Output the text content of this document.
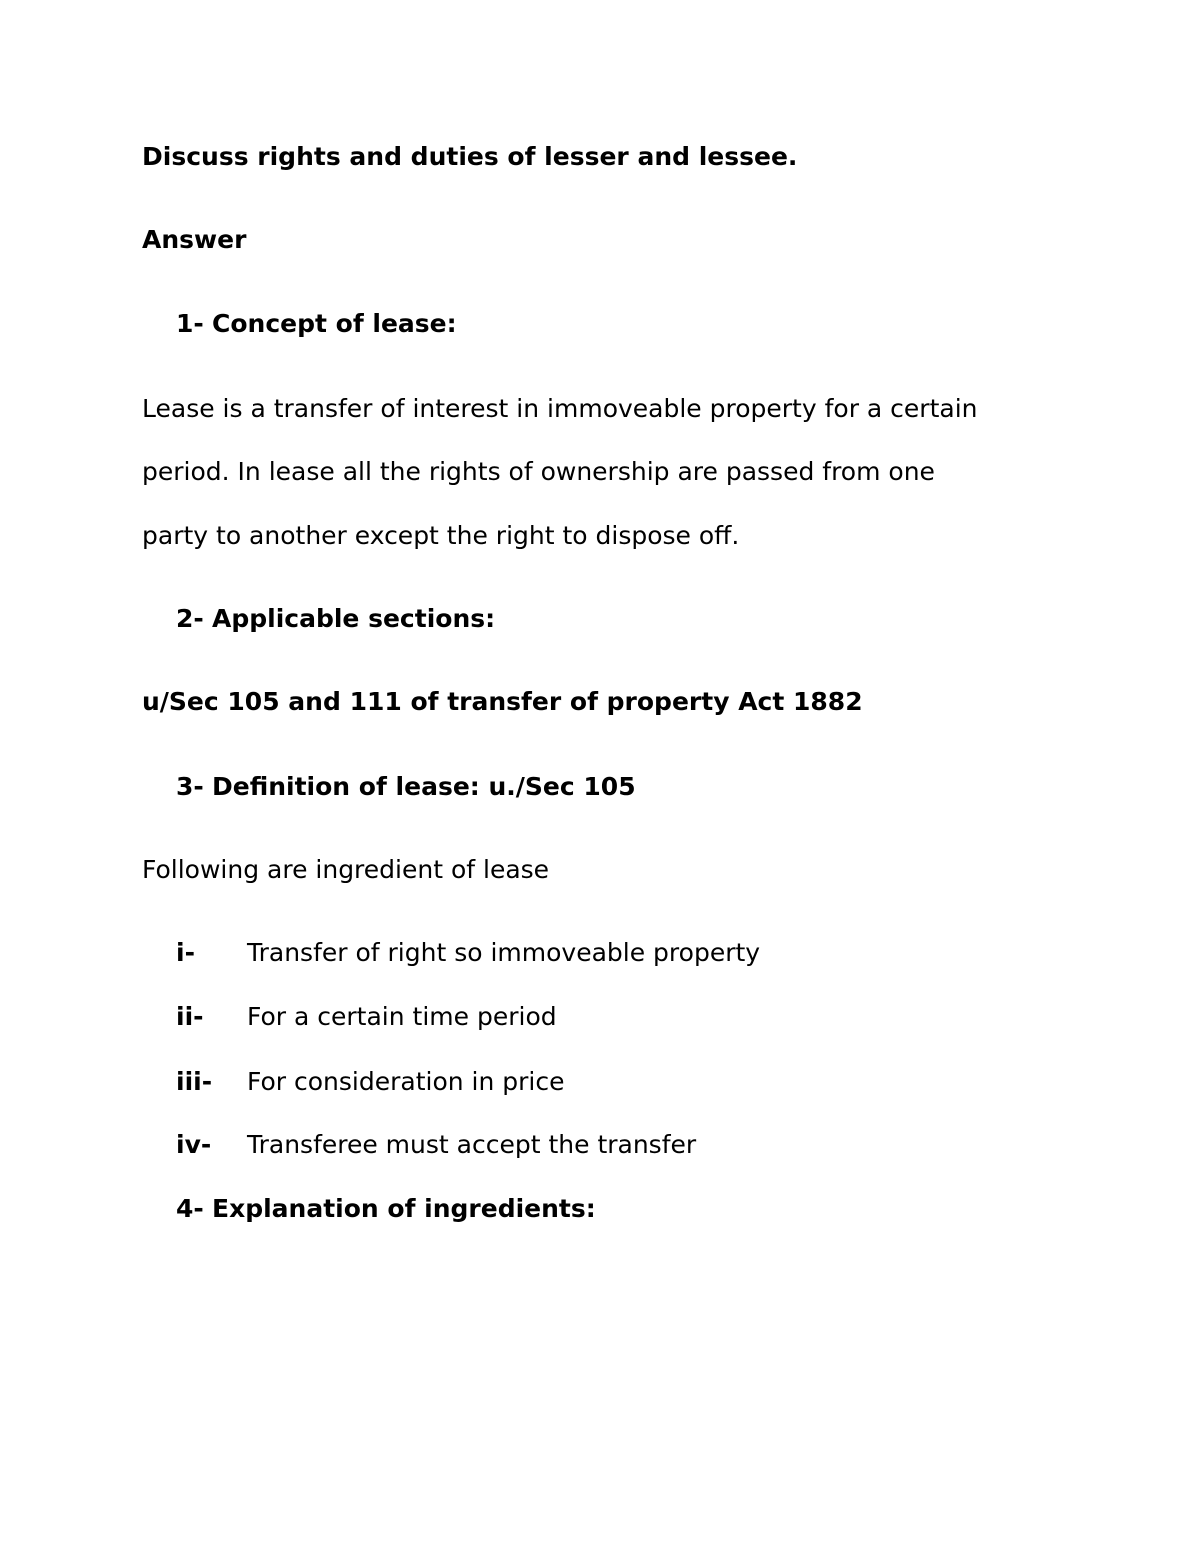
Discuss rights and duties of lesser and lessee.
Answer
1- Concept of lease:
Lease is a transfer of interest in immoveable property for a certain
period. In lease all the rights of ownership are passed from one
party to another except the right to dispose off.
2- Applicable sections:
u/Sec 105 and 111 of transfer of property Act 1882
3- Definition of lease: u./Sec 105
Following are ingredient of lease
i- Transfer of right so immoveable property
ii- For a certain time period
iii- For consideration in price
iv- Transferee must accept the transfer
4- Explanation of ingredients:
